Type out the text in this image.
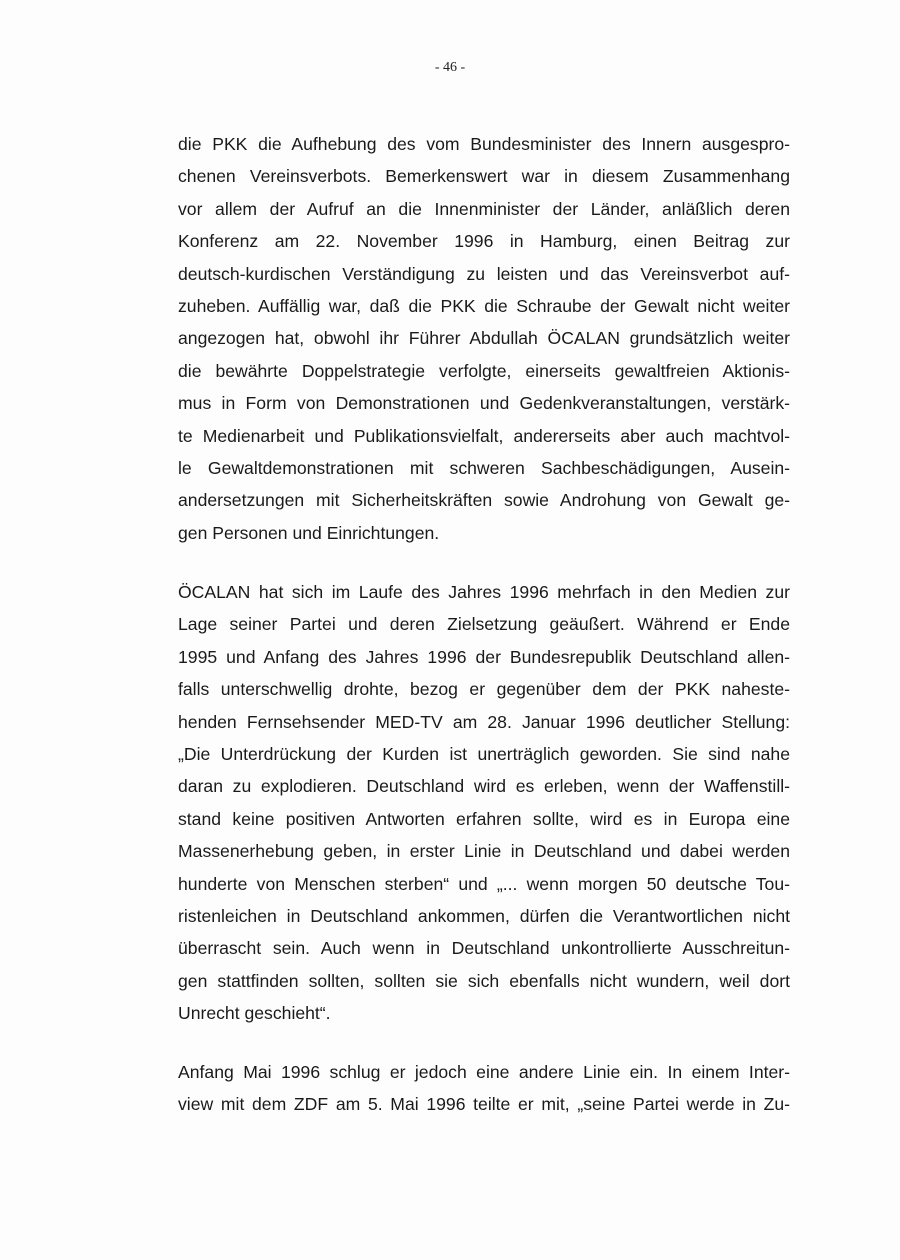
- 46 -
die PKK die Aufhebung des vom Bundesminister des Innern ausgespro-
chenen Vereinsverbots. Bemerkenswert war in diesem Zusammenhang
vor allem der Aufruf an die Innenminister der Länder, anläßlich deren
Konferenz am 22. November 1996 in Hamburg, einen Beitrag zur
deutsch-kurdischen Verständigung zu leisten und das Vereinsverbot auf-
zuheben. Auffällig war, daß die PKK die Schraube der Gewalt nicht weiter
angezogen hat, obwohl ihr Führer Abdullah ÖCALAN grundsätzlich weiter
die bewährte Doppelstrategie verfolgte, einerseits gewaltfreien Aktionis-
mus in Form von Demonstrationen und Gedenkveranstaltungen, verstärk-
te Medienarbeit und Publikationsvielfalt, andererseits aber auch machtvol-
le Gewaltdemonstrationen mit schweren Sachbeschädigungen, Ausein-
andersetzungen mit Sicherheitskräften sowie Androhung von Gewalt ge-
gen Personen und Einrichtungen.
ÖCALAN hat sich im Laufe des Jahres 1996 mehrfach in den Medien zur
Lage seiner Partei und deren Zielsetzung geäußert. Während er Ende
1995 und Anfang des Jahres 1996 der Bundesrepublik Deutschland allen-
falls unterschwellig drohte, bezog er gegenüber dem der PKK naheste-
henden Fernsehsender MED-TV am 28. Januar 1996 deutlicher Stellung:
„Die Unterdrückung der Kurden ist unerträglich geworden. Sie sind nahe
daran zu explodieren. Deutschland wird es erleben, wenn der Waffenstill-
stand keine positiven Antworten erfahren sollte, wird es in Europa eine
Massenerhebung geben, in erster Linie in Deutschland und dabei werden
hunderte von Menschen sterben“ und „... wenn morgen 50 deutsche Tou-
ristenleichen in Deutschland ankommen, dürfen die Verantwortlichen nicht
überrascht sein. Auch wenn in Deutschland unkontrollierte Ausschreitun-
gen stattfinden sollten, sollten sie sich ebenfalls nicht wundern, weil dort
Unrecht geschieht“.
Anfang Mai 1996 schlug er jedoch eine andere Linie ein. In einem Inter-
view mit dem ZDF am 5. Mai 1996 teilte er mit, „seine Partei werde in Zu-
